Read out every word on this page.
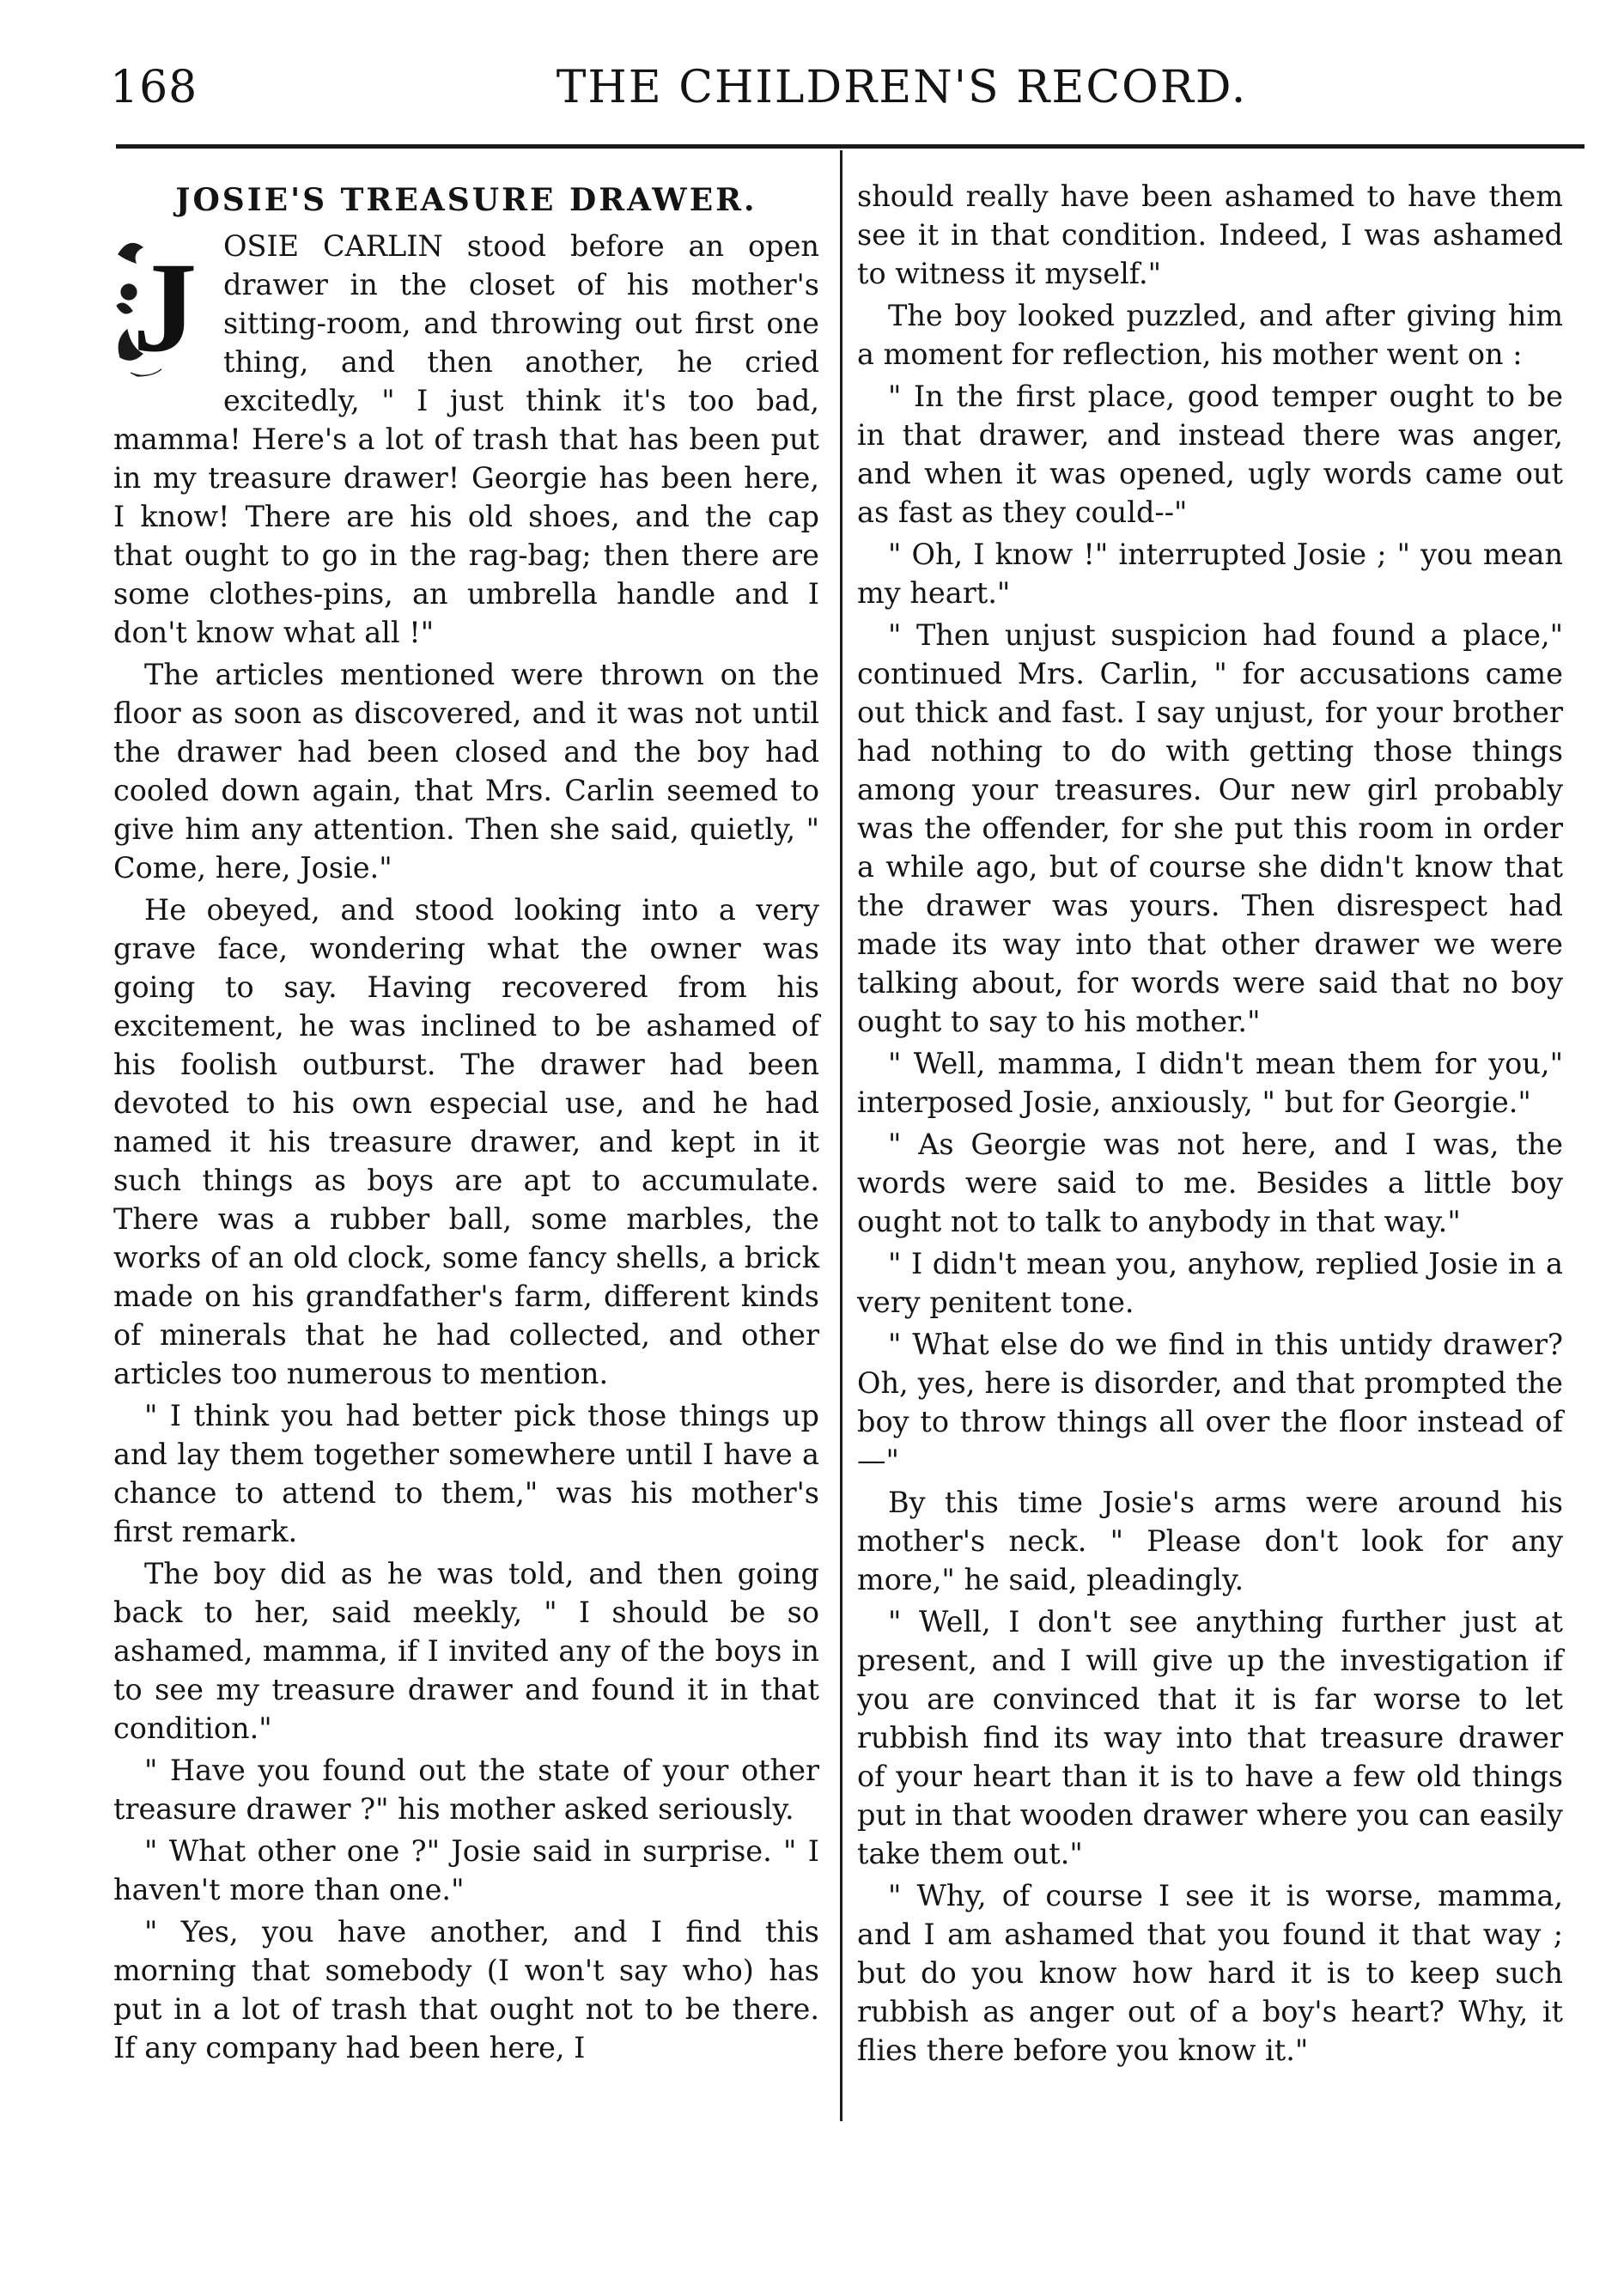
168	THE CHILDREN'S RECORD.
JOSIE'S TREASURE DRAWER.
J OSIE CARLIN stood before an open drawer in the closet of his mother's sitting-room, and throwing out first one thing, and then another, he cried excitedly, " I just think it's too bad, mamma! Here's a lot of trash that has been put in my treasure drawer! Georgie has been here, I know! There are his old shoes, and the cap that ought to go in the rag-bag; then there are some clothes-pins, an umbrella handle and I don't know what all !"

The articles mentioned were thrown on the floor as soon as discovered, and it was not until the drawer had been closed and the boy had cooled down again, that Mrs. Carlin seemed to give him any attention. Then she said, quietly, " Come, here, Josie."

He obeyed, and stood looking into a very grave face, wondering what the owner was going to say. Having recovered from his excitement, he was inclined to be ashamed of his foolish outburst. The drawer had been devoted to his own especial use, and he had named it his treasure drawer, and kept in it such things as boys are apt to accumulate. There was a rubber ball, some marbles, the works of an old clock, some fancy shells, a brick made on his grandfather's farm, different kinds of minerals that he had collected, and other articles too numerous to mention.

" I think you had better pick those things up and lay them together somewhere until I have a chance to attend to them," was his mother's first remark.

The boy did as he was told, and then going back to her, said meekly, " I should be so ashamed, mamma, if I invited any of the boys in to see my treasure drawer and found it in that condition."

" Have you found out the state of your other treasure drawer ?" his mother asked seriously.

" What other one ?" Josie said in surprise. " I haven't more than one."

" Yes, you have another, and I find this morning that somebody (I won't say who) has put in a lot of trash that ought not to be there. If any company had been here, I

should really have been ashamed to have them see it in that condition. Indeed, I was ashamed to witness it myself."

The boy looked puzzled, and after giving him a moment for reflection, his mother went on :

" In the first place, good temper ought to be in that drawer, and instead there was anger, and when it was opened, ugly words came out as fast as they could--"

" Oh, I know !" interrupted Josie ; " you mean my heart."

" Then unjust suspicion had found a place," continued Mrs. Carlin, " for accusations came out thick and fast. I say unjust, for your brother had nothing to do with getting those things among your treasures. Our new girl probably was the offender, for she put this room in order a while ago, but of course she didn't know that the drawer was yours. Then disrespect had made its way into that other drawer we were talking about, for words were said that no boy ought to say to his mother."

" Well, mamma, I didn't mean them for you," interposed Josie, anxiously, " but for Georgie."

" As Georgie was not here, and I was, the words were said to me. Besides a little boy ought not to talk to anybody in that way."

" I didn't mean you, anyhow, replied Josie in a very penitent tone.

" What else do we find in this untidy drawer? Oh, yes, here is disorder, and that prompted the boy to throw things all over the floor instead of—"

By this time Josie's arms were around his mother's neck. " Please don't look for any more," he said, pleadingly.

" Well, I don't see anything further just at present, and I will give up the investigation if you are convinced that it is far worse to let rubbish find its way into that treasure drawer of your heart than it is to have a few old things put in that wooden drawer where you can easily take them out."

" Why, of course I see it is worse, mamma, and I am ashamed that you found it that way ; but do you know how hard it is to keep such rubbish as anger out of a boy's heart? Why, it flies there before you know it."
